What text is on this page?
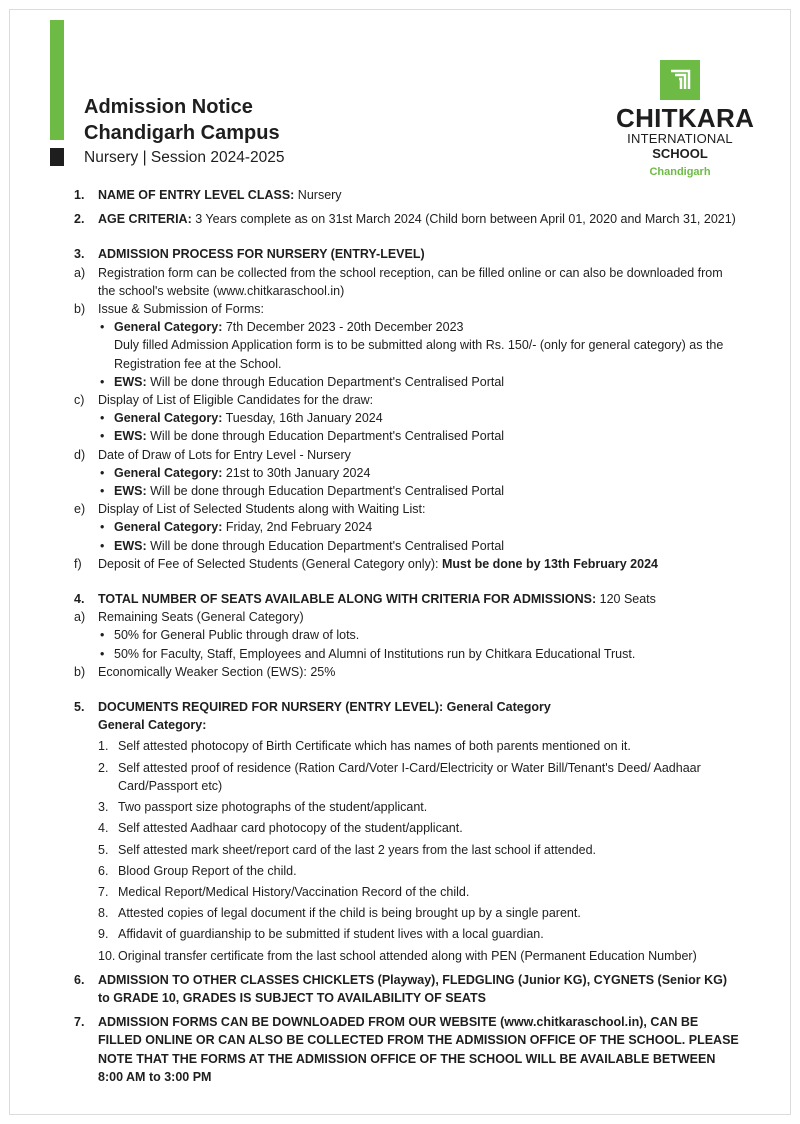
Admission Notice
Chandigarh Campus
Nursery | Session 2024-2025
CHITKARA
INTERNATIONAL
SCHOOL
Chandigarh
1. NAME OF ENTRY LEVEL CLASS: Nursery
2. AGE CRITERIA: 3 Years complete as on 31st March 2024 (Child born between April 01, 2020 and March 31, 2021)
3. ADMISSION PROCESS FOR NURSERY (ENTRY-LEVEL)
a) Registration form can be collected from the school reception, can be filled online or can also be downloaded from the school's website (www.chitkaraschool.in)
b) Issue & Submission of Forms:
• General Category: 7th December 2023 - 20th December 2023
Duly filled Admission Application form is to be submitted along with Rs. 150/- (only for general category) as the Registration fee at the School.
• EWS: Will be done through Education Department's Centralised Portal
c) Display of List of Eligible Candidates for the draw:
• General Category: Tuesday, 16th January 2024
• EWS: Will be done through Education Department's Centralised Portal
d) Date of Draw of Lots for Entry Level - Nursery
• General Category: 21st to 30th January 2024
• EWS: Will be done through Education Department's Centralised Portal
e) Display of List of Selected Students along with Waiting List:
• General Category: Friday, 2nd February 2024
• EWS: Will be done through Education Department's Centralised Portal
f) Deposit of Fee of Selected Students (General Category only): Must be done by 13th February 2024
4. TOTAL NUMBER OF SEATS AVAILABLE ALONG WITH CRITERIA FOR ADMISSIONS: 120 Seats
a) Remaining Seats (General Category)
• 50% for General Public through draw of lots.
• 50% for Faculty, Staff, Employees and Alumni of Institutions run by Chitkara Educational Trust.
b) Economically Weaker Section (EWS): 25%
5. DOCUMENTS REQUIRED FOR NURSERY (ENTRY LEVEL): General Category
General Category:
1. Self attested photocopy of Birth Certificate which has names of both parents mentioned on it.
2. Self attested proof of residence (Ration Card/Voter I-Card/Electricity or Water Bill/Tenant's Deed/ Aadhaar Card/Passport etc)
3. Two passport size photographs of the student/applicant.
4. Self attested Aadhaar card photocopy of the student/applicant.
5. Self attested mark sheet/report card of the last 2 years from the last school if attended.
6. Blood Group Report of the child.
7. Medical Report/Medical History/Vaccination Record of the child.
8. Attested copies of legal document if the child is being brought up by a single parent.
9. Affidavit of guardianship to be submitted if student lives with a local guardian.
10. Original transfer certificate from the last school attended along with PEN (Permanent Education Number)
6. ADMISSION TO OTHER CLASSES CHICKLETS (Playway), FLEDGLING (Junior KG), CYGNETS (Senior KG) to GRADE 10, GRADES IS SUBJECT TO AVAILABILITY OF SEATS
7. ADMISSION FORMS CAN BE DOWNLOADED FROM OUR WEBSITE (www.chitkaraschool.in), CAN BE FILLED ONLINE OR CAN ALSO BE COLLECTED FROM THE ADMISSION OFFICE OF THE SCHOOL. PLEASE NOTE THAT THE FORMS AT THE ADMISSION OFFICE OF THE SCHOOL WILL BE AVAILABLE BETWEEN 8:00 AM to 3:00 PM
